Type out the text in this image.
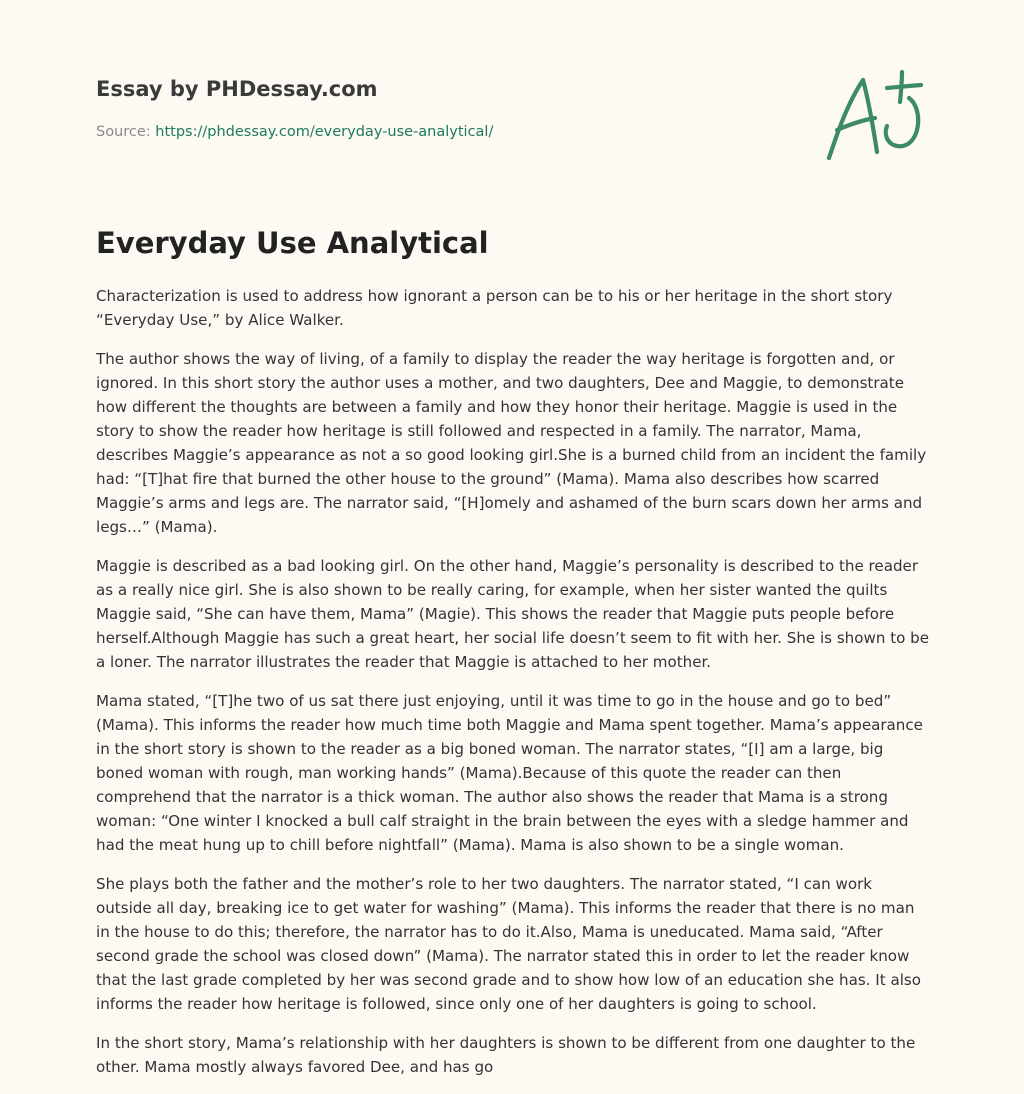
Essay by PHDessay.com
Source: https://phdessay.com/everyday-use-analytical/
Everyday Use Analytical

Characterization is used to address how ignorant a person can be to his or her heritage in the short story “Everyday Use,” by Alice Walker.

The author shows the way of living, of a family to display the reader the way heritage is forgotten and, or ignored. In this short story the author uses a mother, and two daughters, Dee and Maggie, to demonstrate how different the thoughts are between a family and how they honor their heritage. Maggie is used in the story to show the reader how heritage is still followed and respected in a family. The narrator, Mama, describes Maggie’s appearance as not a so good looking girl.She is a burned child from an incident the family had: “[T]hat fire that burned the other house to the ground” (Mama). Mama also describes how scarred Maggie’s arms and legs are. The narrator said, “[H]omely and ashamed of the burn scars down her arms and legs…” (Mama).

Maggie is described as a bad looking girl. On the other hand, Maggie’s personality is described to the reader as a really nice girl. She is also shown to be really caring, for example, when her sister wanted the quilts Maggie said, “She can have them, Mama” (Magie). This shows the reader that Maggie puts people before herself.Although Maggie has such a great heart, her social life doesn’t seem to fit with her. She is shown to be a loner. The narrator illustrates the reader that Maggie is attached to her mother.

Mama stated, “[T]he two of us sat there just enjoying, until it was time to go in the house and go to bed” (Mama). This informs the reader how much time both Maggie and Mama spent together. Mama’s appearance in the short story is shown to the reader as a big boned woman. The narrator states, “[I] am a large, big boned woman with rough, man working hands” (Mama).Because of this quote the reader can then comprehend that the narrator is a thick woman. The author also shows the reader that Mama is a strong woman: “One winter I knocked a bull calf straight in the brain between the eyes with a sledge hammer and had the meat hung up to chill before nightfall” (Mama). Mama is also shown to be a single woman.

She plays both the father and the mother’s role to her two daughters. The narrator stated, “I can work outside all day, breaking ice to get water for washing” (Mama). This informs the reader that there is no man in the house to do this; therefore, the narrator has to do it.Also, Mama is uneducated. Mama said, “After second grade the school was closed down” (Mama). The narrator stated this in order to let the reader know that the last grade completed by her was second grade and to show how low of an education she has. It also informs the reader how heritage is followed, since only one of her daughters is going to school.

In the short story, Mama’s relationship with her daughters is shown to be different from one daughter to the other. Mama mostly always favored Dee, and has go
